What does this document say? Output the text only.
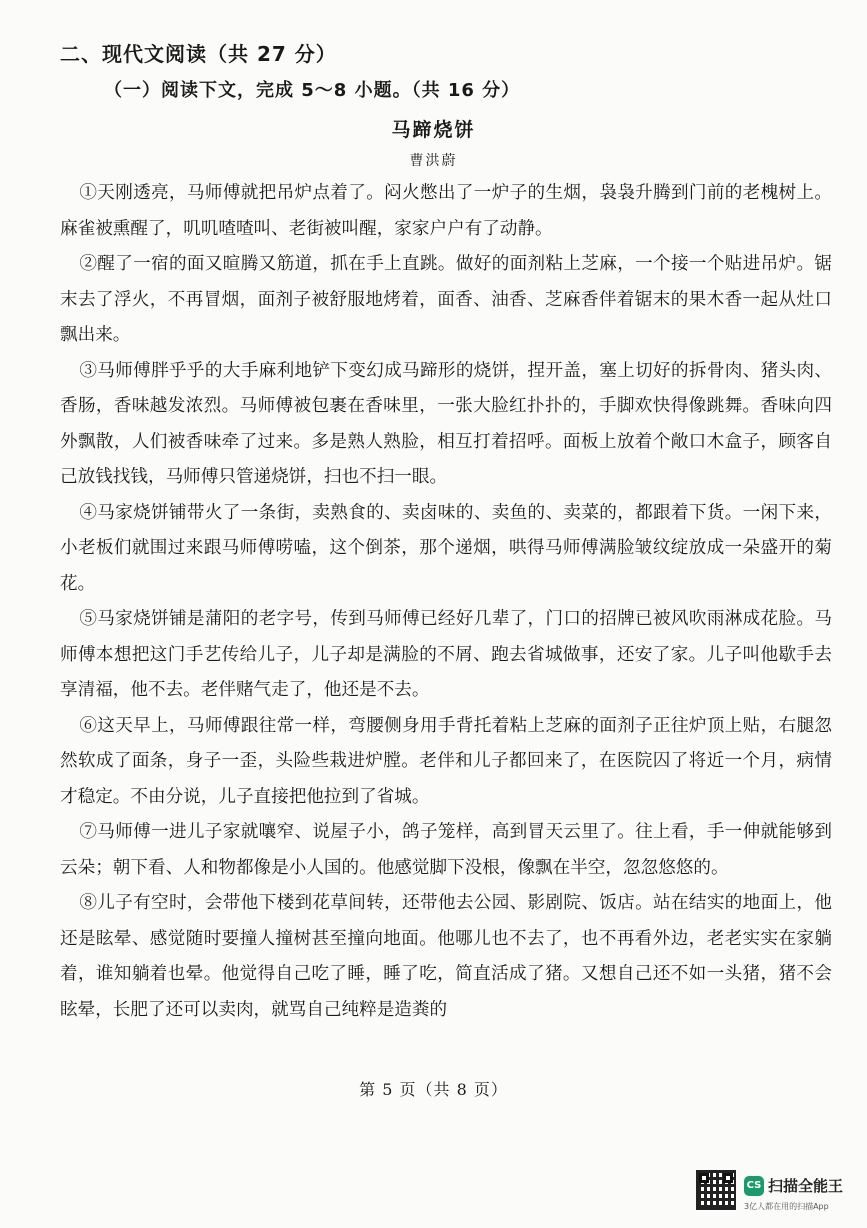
二、现代文阅读（共 27 分）
（一）阅读下文，完成 5～8 小题。（共 16 分）
马蹄烧饼
曹洪蔚

①天刚透亮，马师傅就把吊炉点着了。闷火憋出了一炉子的生烟，袅袅升腾到门前的老槐树上。麻雀被熏醒了，叽叽喳喳叫、老街被叫醒，家家户户有了动静。

②醒了一宿的面又暄腾又筋道，抓在手上直跳。做好的面剂粘上芝麻，一个接一个贴进吊炉。锯末去了浮火，不再冒烟，面剂子被舒服地烤着，面香、油香、芝麻香伴着锯末的果木香一起从灶口飘出来。

③马师傅胖乎乎的大手麻利地铲下变幻成马蹄形的烧饼，捏开盖，塞上切好的拆骨肉、猪头肉、香肠，香味越发浓烈。马师傅被包裹在香味里，一张大脸红扑扑的，手脚欢快得像跳舞。香味向四外飘散，人们被香味牵了过来。多是熟人熟脸，相互打着招呼。面板上放着个敞口木盒子，顾客自己放钱找钱，马师傅只管递烧饼，扫也不扫一眼。

④马家烧饼铺带火了一条街，卖熟食的、卖卤味的、卖鱼的、卖菜的，都跟着下货。一闲下来，小老板们就围过来跟马师傅唠嗑，这个倒茶，那个递烟，哄得马师傅满脸皱纹绽放成一朵盛开的菊花。

⑤马家烧饼铺是蒲阳的老字号，传到马师傅已经好几辈了，门口的招牌已被风吹雨淋成花脸。马师傅本想把这门手艺传给儿子，儿子却是满脸的不屑、跑去省城做事，还安了家。儿子叫他歇手去享清福，他不去。老伴赌气走了，他还是不去。

⑥这天早上，马师傅跟往常一样，弯腰侧身用手背托着粘上芝麻的面剂子正往炉顶上贴，右腿忽然软成了面条，身子一歪，头险些栽进炉膛。老伴和儿子都回来了，在医院囚了将近一个月，病情才稳定。不由分说，儿子直接把他拉到了省城。

⑦马师傅一进儿子家就嚷窄、说屋子小，鸽子笼样，高到冒天云里了。往上看，手一伸就能够到云朵；朝下看、人和物都像是小人国的。他感觉脚下没根，像飘在半空，忽忽悠悠的。

⑧儿子有空时，会带他下楼到花草间转，还带他去公园、影剧院、饭店。站在结实的地面上，他还是眩晕、感觉随时要撞人撞树甚至撞向地面。他哪儿也不去了，也不再看外边，老老实实在家躺着，谁知躺着也晕。他觉得自己吃了睡，睡了吃，简直活成了猪。又想自己还不如一头猪，猪不会眩晕，长肥了还可以卖肉，就骂自己纯粹是造粪的

第 5 页（共 8 页）
CS 扫描全能王
3亿人都在用的扫描App
